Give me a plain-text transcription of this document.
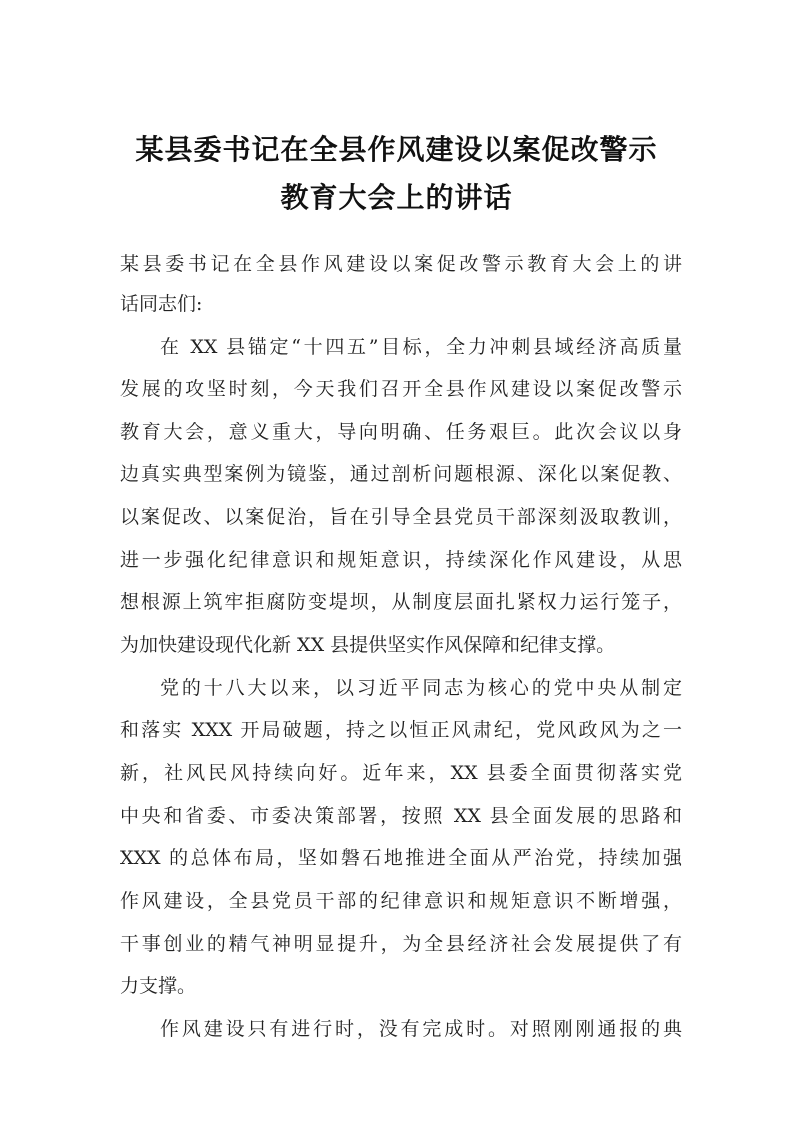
某县委书记在全县作风建设以案促改警示
教育大会上的讲话
某县委书记在全县作风建设以案促改警示教育大会上的讲
话同志们:
在 XX 县锚定“十四五”目标，全力冲刺县域经济高质量
发展的攻坚时刻，今天我们召开全县作风建设以案促改警示
教育大会，意义重大，导向明确、任务艰巨。此次会议以身
边真实典型案例为镜鉴，通过剖析问题根源、深化以案促教、
以案促改、以案促治，旨在引导全县党员干部深刻汲取教训，
进一步强化纪律意识和规矩意识，持续深化作风建设，从思
想根源上筑牢拒腐防变堤坝，从制度层面扎紧权力运行笼子，
为加快建设现代化新 XX 县提供坚实作风保障和纪律支撑。
党的十八大以来，以习近平同志为核心的党中央从制定
和落实 XXX 开局破题，持之以恒正风肃纪，党风政风为之一
新，社风民风持续向好。近年来，XX 县委全面贯彻落实党
中央和省委、市委决策部署，按照 XX 县全面发展的思路和
XXX 的总体布局，坚如磐石地推进全面从严治党，持续加强
作风建设，全县党员干部的纪律意识和规矩意识不断增强，
干事创业的精气神明显提升，为全县经济社会发展提供了有
力支撑。
作风建设只有进行时，没有完成时。对照刚刚通报的典
